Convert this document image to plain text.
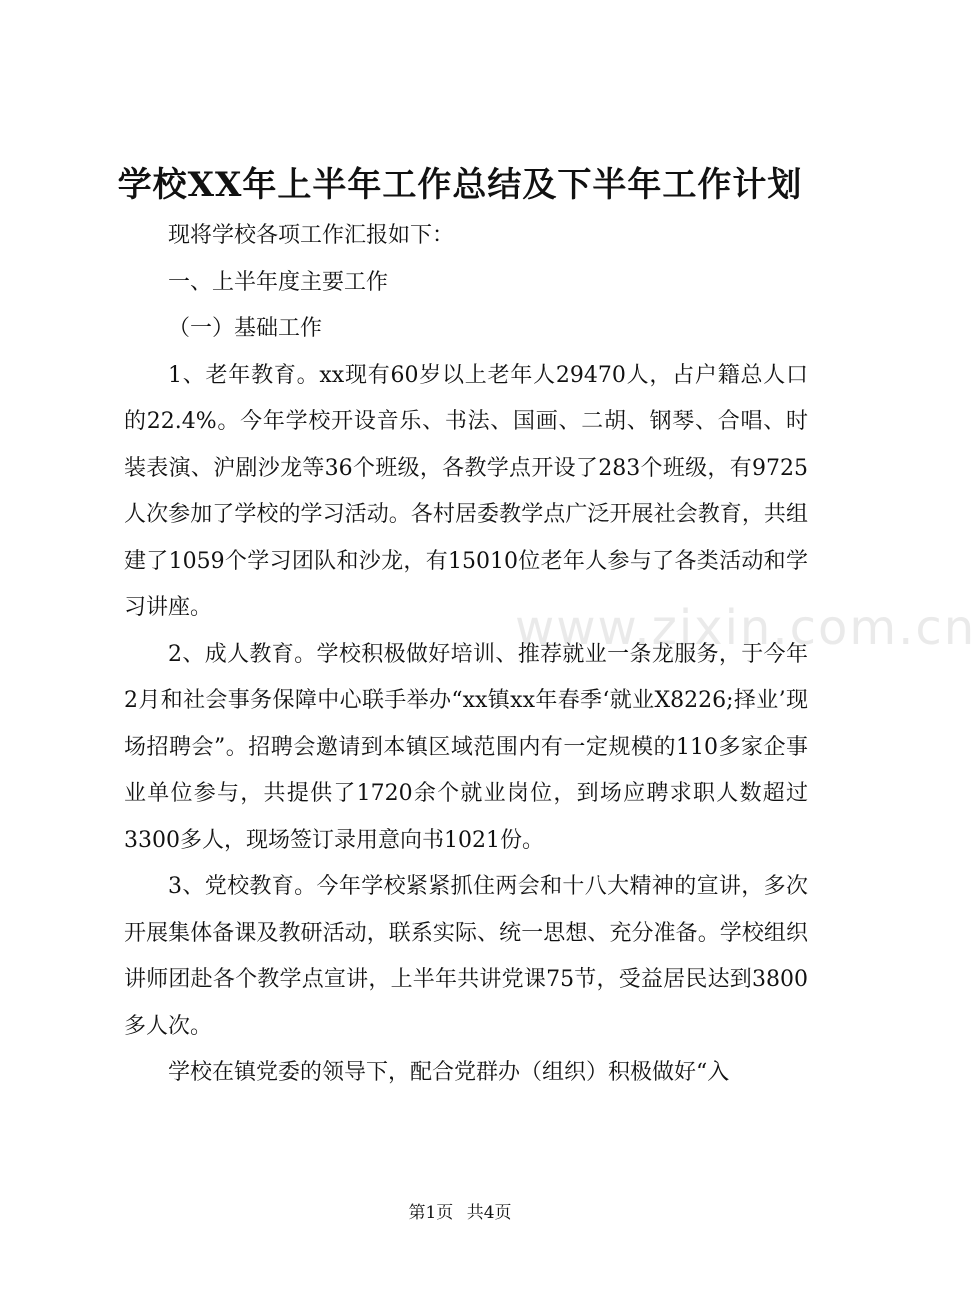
学校XX年上半年工作总结及下半年工作计划

现将学校各项工作汇报如下：

一、上半年度主要工作

（一）基础工作

1、老年教育。xx现有60岁以上老年人29470人，占户籍总人口的22.4%。今年学校开设音乐、书法、国画、二胡、钢琴、合唱、时装表演、沪剧沙龙等36个班级，各教学点开设了283个班级，有9725人次参加了学校的学习活动。各村居委教学点广泛开展社会教育，共组建了1059个学习团队和沙龙，有15010位老年人参与了各类活动和学习讲座。

2、成人教育。学校积极做好培训、推荐就业一条龙服务，于今年2月和社会事务保障中心联手举办“xx镇xx年春季‘就业X8226;择业’现场招聘会”。招聘会邀请到本镇区域范围内有一定规模的110多家企事业单位参与，共提供了1720余个就业岗位，到场应聘求职人数超过3300多人，现场签订录用意向书1021份。

3、党校教育。今年学校紧紧抓住两会和十八大精神的宣讲，多次开展集体备课及教研活动，联系实际、统一思想、充分准备。学校组织讲师团赴各个教学点宣讲，上半年共讲党课75节，受益居民达到3800多人次。

学校在镇党委的领导下，配合党群办（组织）积极做好“入

www.zixin.com.cn
第1页 共4页
